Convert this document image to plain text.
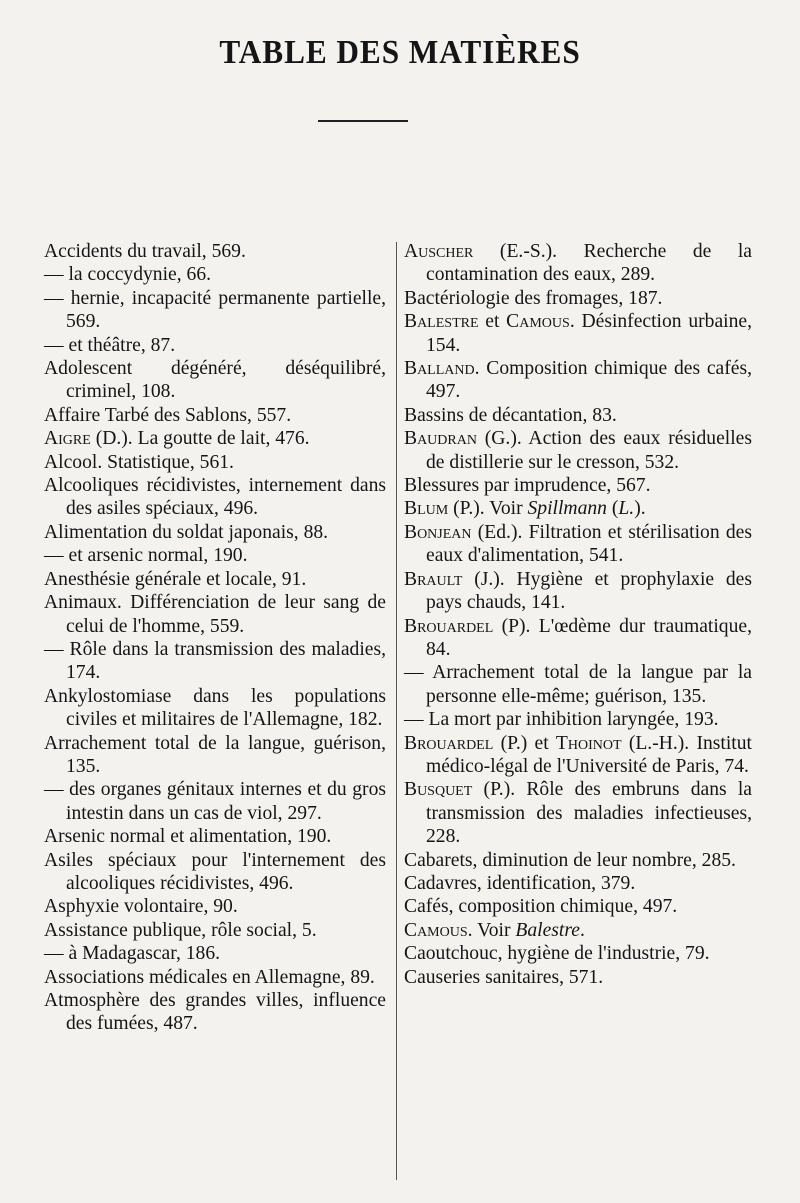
TABLE DES MATIÈRES

Accidents du travail, 569.

— la coccydynie, 66.

— hernie, incapacité permanente partielle, 569.

— et théâtre, 87.

Adolescent dégénéré, déséquilibré, criminel, 108.

Affaire Tarbé des Sablons, 557.

Aigre (D.). La goutte de lait, 476.

Alcool. Statistique, 561.

Alcooliques récidivistes, internement dans des asiles spéciaux, 496.

Alimentation du soldat japonais, 88.

— et arsenic normal, 190.

Anesthésie générale et locale, 91.

Animaux. Différenciation de leur sang de celui de l'homme, 559.

— Rôle dans la transmission des maladies, 174.

Ankylostomiase dans les populations civiles et militaires de l'Allemagne, 182.

Arrachement total de la langue, guérison, 135.

— des organes génitaux internes et du gros intestin dans un cas de viol, 297.

Arsenic normal et alimentation, 190.

Asiles spéciaux pour l'internement des alcooliques récidivistes, 496.

Asphyxie volontaire, 90.

Assistance publique, rôle social, 5.

— à Madagascar, 186.

Associations médicales en Allemagne, 89.

Atmosphère des grandes villes, influence des fumées, 487.

Auscher (E.-S.). Recherche de la contamination des eaux, 289.

Bactériologie des fromages, 187.

Balestre et Camous. Désinfection urbaine, 154.

Balland. Composition chimique des cafés, 497.

Bassins de décantation, 83.

Baudran (G.). Action des eaux résiduelles de distillerie sur le cresson, 532.

Blessures par imprudence, 567.

Blum (P.). Voir Spillmann (L.).

Bonjean (Ed.). Filtration et stérilisation des eaux d'alimentation, 541.

Brault (J.). Hygiène et prophylaxie des pays chauds, 141.

Brouardel (P). L'œdème dur traumatique, 84.

— Arrachement total de la langue par la personne elle-même; guérison, 135.

— La mort par inhibition laryngée, 193.

Brouardel (P.) et Thoinot (L.-H.). Institut médico-légal de l'Université de Paris, 74.

Busquet (P.). Rôle des embruns dans la transmission des maladies infectieuses, 228.

Cabarets, diminution de leur nombre, 285.

Cadavres, identification, 379.

Cafés, composition chimique, 497.

Camous. Voir Balestre.

Caoutchouc, hygiène de l'industrie, 79.

Causeries sanitaires, 571.
